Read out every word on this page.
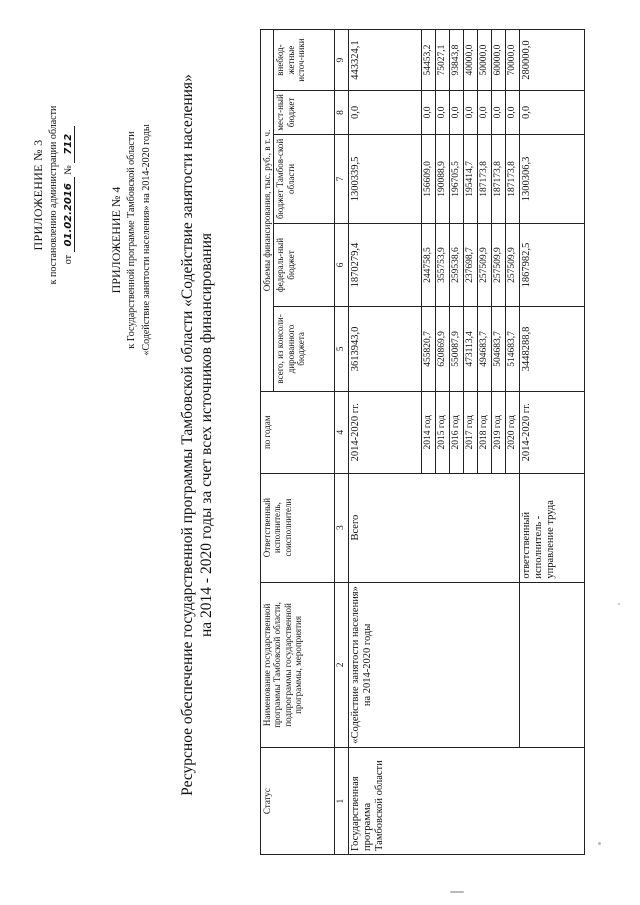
ПРИЛОЖЕНИЕ № 3 к постановлению администрации области от 01.02.2016 № 712
ПРИЛОЖЕНИЕ № 4 к Государственной программе Тамбовской области «Содействие занятости населения» на 2014-2020 годы Ресурсное обеспечение государственной программы Тамбовской области «Содействие занятости населения» на 2014 - 2020 годы за счет всех источников финансирования
Статус	Наименование государственной программы Тамбовской области, подпрограммы государственной программы, мероприятия	Ответственный исполнитель, соисполнители	по годам	Объемы финансирования, тыс. руб., в т. ч.				
				всего, из консоли-дированного бюджета	федераль-ный бюджет	бюджет Тамбов-ской области	мест-ный бюджет	внебюд-жетные источ-ники
1	2	3	4	5	6	7	8	9
Государственная программа Тамбовской области	«Содействие занятости населения» на 2014-2020 годы	Всего	2014-2020 гг.	3613943,0	1870279,4	1300339,5	0,0	443324,1
			2014 год	455820,7	244758,5	156609,0	0,0	54453,2
			2015 год	620869,9	355753,9	190088,9	0,0	75027,1
			2016 год	550087,9	259538,6	196705,5	0,0	93843,8
			2017 год	473113,4	237698,7	195414,7	0,0	40000,0
			2018 год	494683,7	257509,9	187173,8	0,0	50000,0
			2019 год	504683,7	257509,9	187173,8	0,0	60000,0
			2020 год	514683,7	257509,9	187173,8	0,0	70000,0
		ответственный исполнитель - управление труда	2014-2020 гг.	3448288,8	1867982,5	1300306,3	0,0	280000,0
